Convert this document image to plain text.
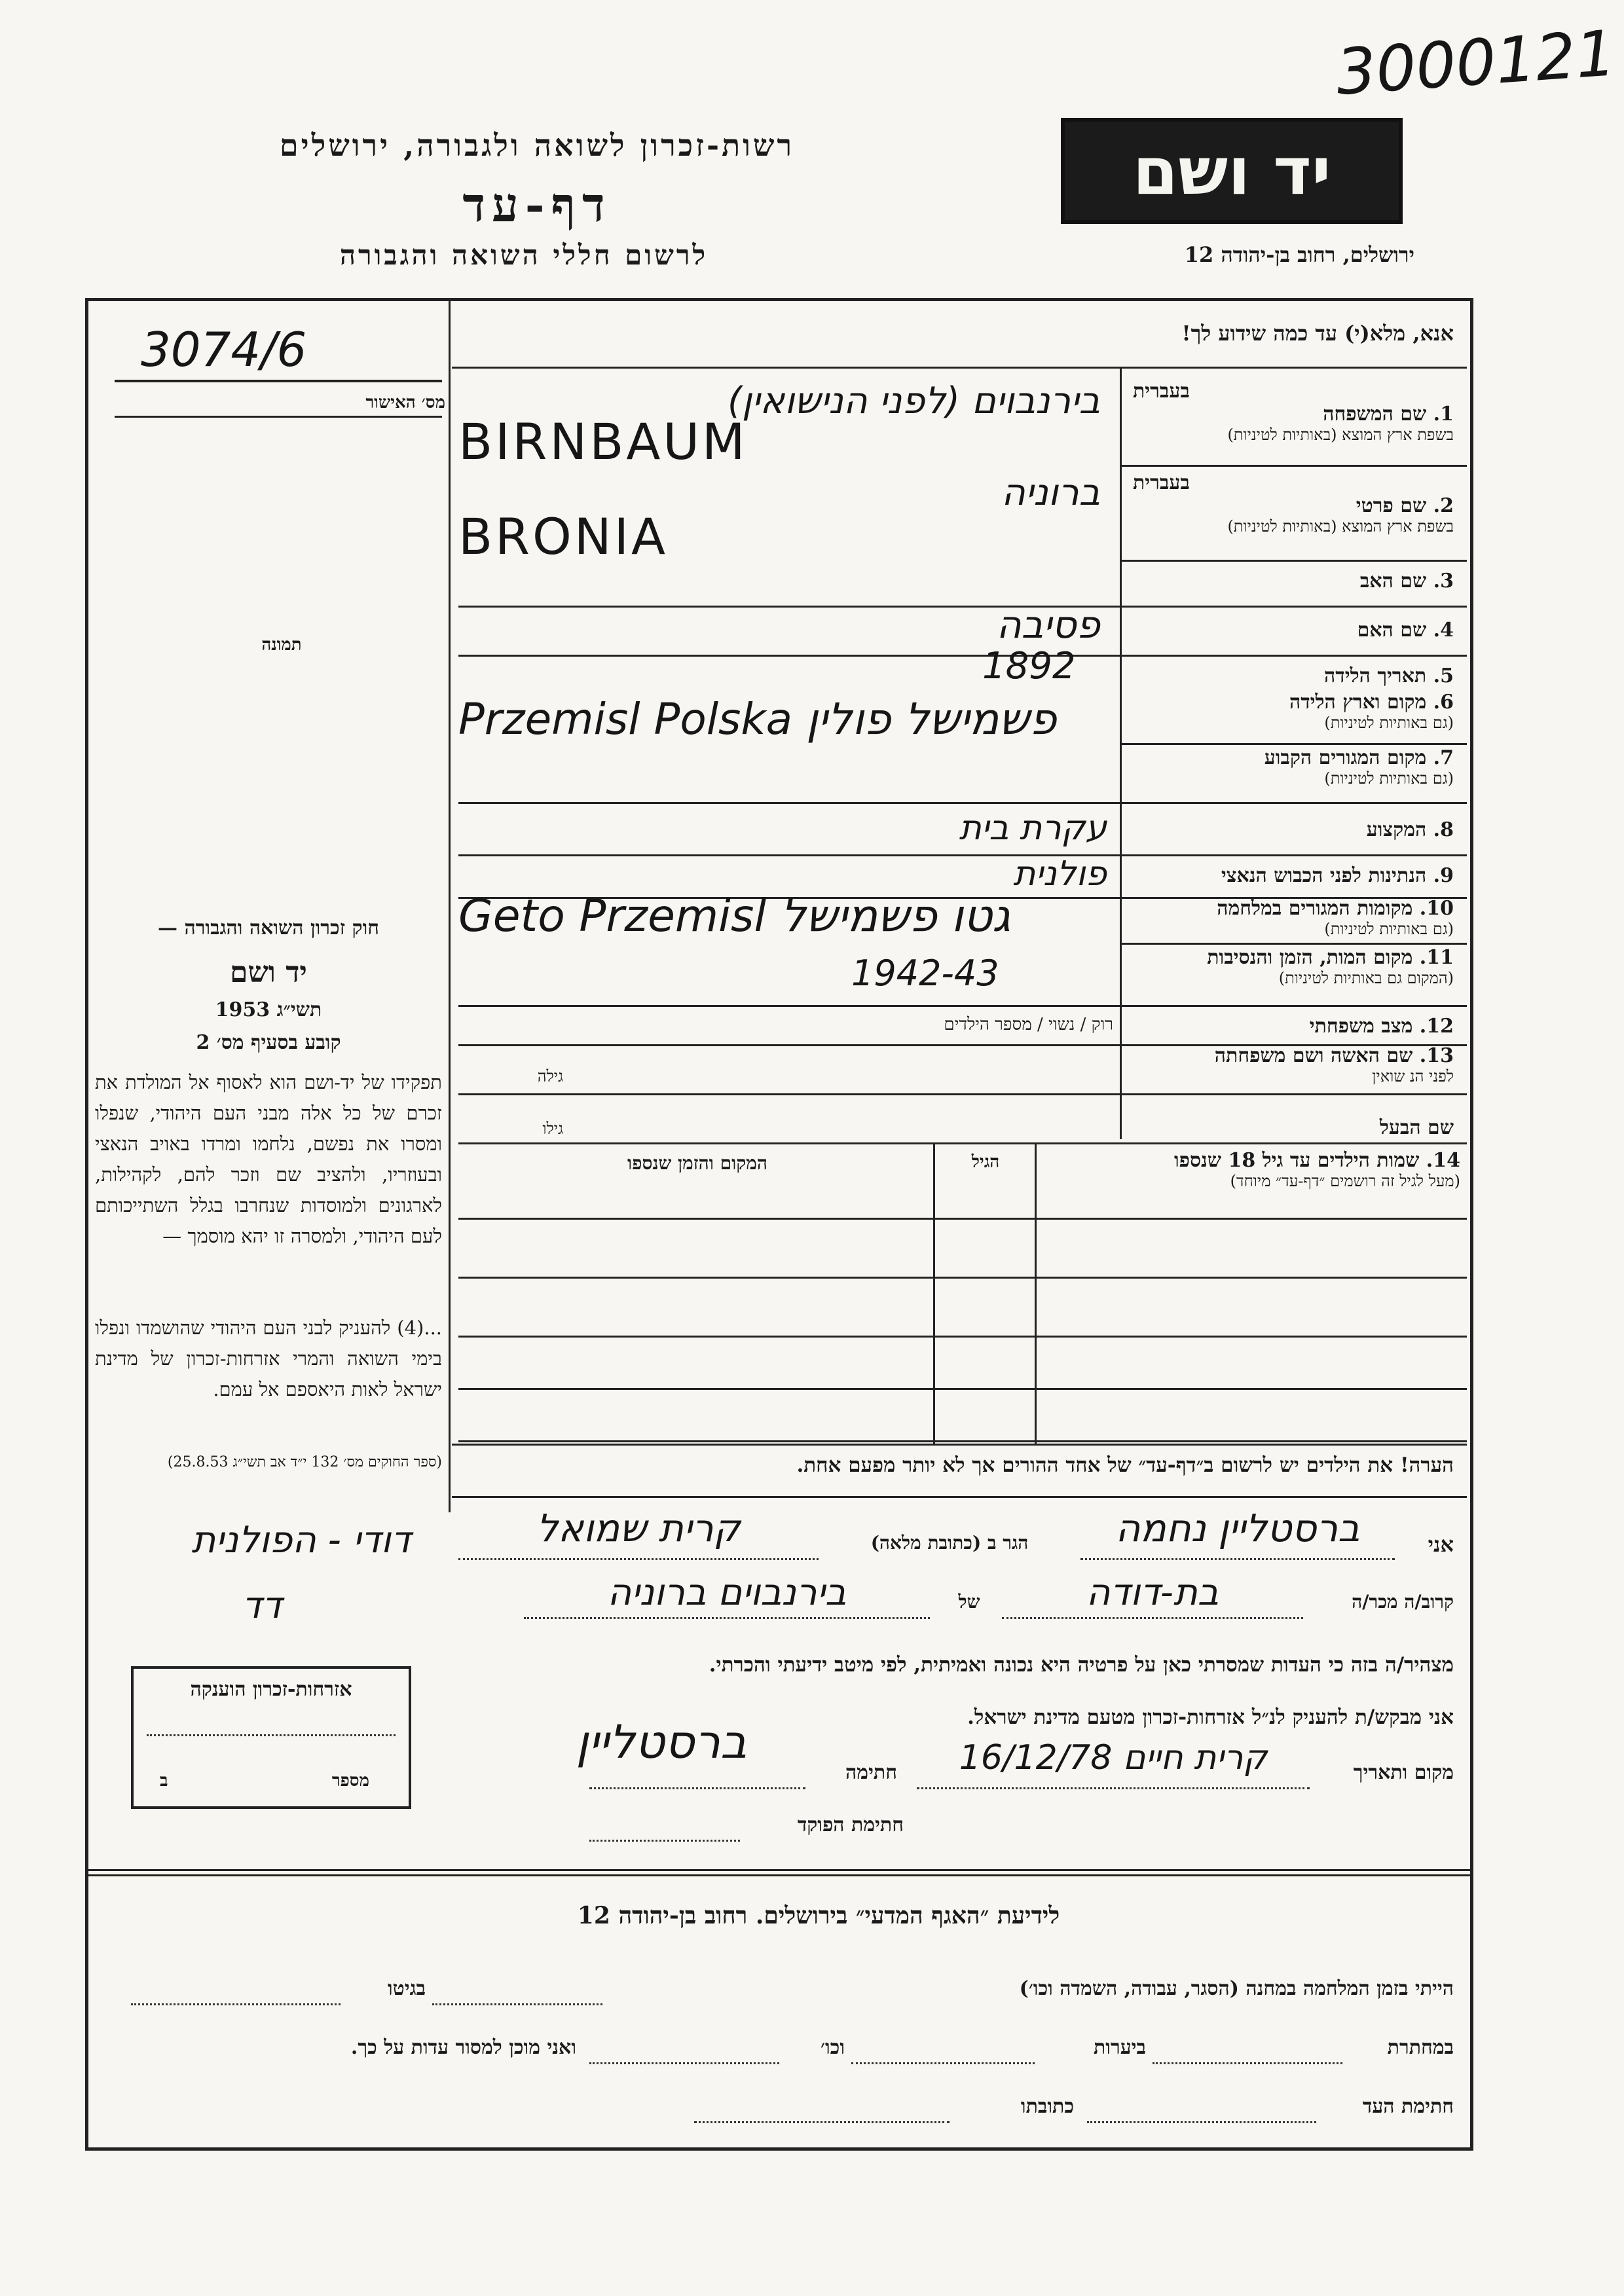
3000121
יד ושם
רשות-זכרון לשואה ולגבורה, ירושלים
דף-עד
לרשום חללי השואה והגבורה	ירושלים, רחוב בן-יהודה 12
3074/6
מס׳ האישור
תמונה
חוק זכרון השואה והגבורה —
יד ושם
תשי״ג 1953
קובע בסעיף מס׳ 2
תפקידו של יד-ושם הוא לאסוף אל המולדת את זכרם של כל אלה מבני העם היהודי, שנפלו ומסרו את נפשם, נלחמו ומרדו באויב הנאצי ובעוזריו, ולהציב שם וזכר להם, לקהילות, לארגונים ולמוסדות שנחרבו בגלל השתייכותם לעם היהודי, ולמסרה זו יהא מוסמך —
...(4) להעניק לבני העם היהודי שהושמדו ונפלו בימי השואה והמרי אזרחות-זכרון של מדינת ישראל לאות היאספם אל עמם.
(ספר החוקים מס׳ 132 י״ד אב תשי״ג 25.8.53)
אנא, מלא(י) עד כמה שידוע לך!
בעברית
1. שם המשפחה
בשפת ארץ המוצא (באותיות לטיניות)
בעברית
2. שם פרטי
בשפת ארץ המוצא (באותיות לטיניות)
3. שם האב
4. שם האם
5. תאריך הלידה
6. מקום וארץ הלידה
(גם באותיות לטיניות)
7. מקום המגורים הקבוע
(גם באותיות לטיניות)
8. המקצוע
9. הנתינות לפני הכבוש הנאצי
10. מקומות המגורים במלחמה
(גם באותיות לטיניות)
11. מקום המות, הזמן והנסיבות
(המקום גם באותיות לטיניות)
12. מצב משפחתי
רוק / נשוי / מספר הילדים
13. שם האשה ושם משפחתה
לפני הנ שואין
גילה
שם הבעל
גילו
14. שמות הילדים עד גיל 18 שנספו
(מעל לגיל זה רושמים ״דף-עד״ מיוחד)
הגיל
המקום והזמן שנספו
בירנבוים (לפני הנישואין)
BIRNBAUM
ברוניה
BRONIA
פסיבה
1892
Przemisl Polska פשמישל פולין
עקרת בית
פולנית
Geto Przemisl גטו פשמישל
1942-43
הערה! את הילדים יש לרשום ב״דף-עד״ של אחד ההורים אך לא יותר מפעם אחת.
אני
ברסטליין נחמה
הגר ב (כתובת מלאה)
קרית שמואל
קרוב/ה מכר/ה
בת-דודה
של
בירנבוים ברוניה
דודי - הפולנית
דד
מצהיר/ה בזה כי העדות שמסרתי כאן על פרטיה היא נכונה ואמיתית, לפי מיטב ידיעתי והכרתי.
אני מבקש/ת להעניק לנ״ל אזרחות-זכרון מטעם מדינת ישראל.
מקום ותאריך
קרית חיים 16/12/78
חתימה
ברסטליין
חתימת הפוקד
אזרחות-זכרון הוענקה
מספר
ב
לידיעת ״האגף המדעי״ בירושלים. רחוב בן-יהודה 12
הייתי בזמן המלחמה במחנה (הסגר, עבודה, השמדה וכו׳)
בגיטו
במחתרת
ביערות
וכו׳
ואני מוכן למסור עדות על כך.
חתימת העד
כתובתו
